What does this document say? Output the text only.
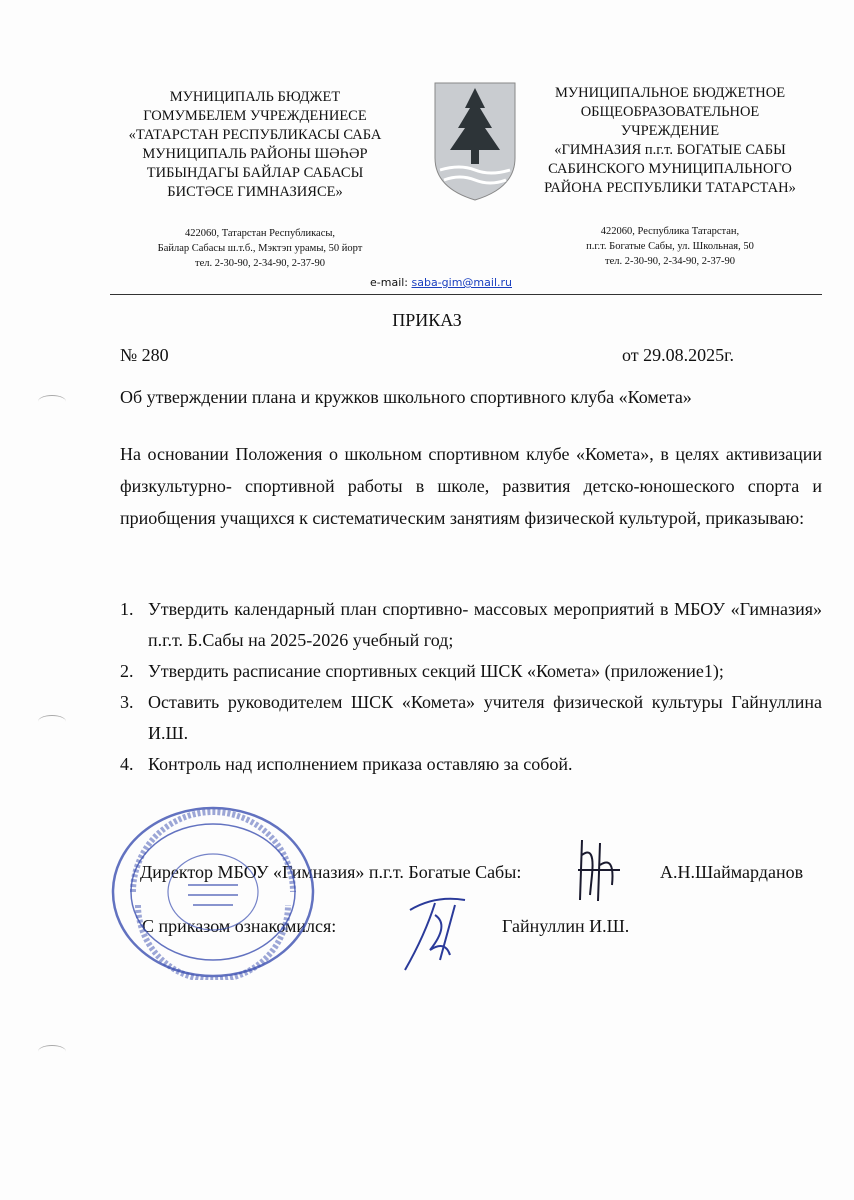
МУНИЦИПАЛЬ БЮДЖЕТ
ГОМУМБЕЛЕМ УЧРЕЖДЕНИЕСЕ
«ТАТАРСТАН РЕСПУБЛИКАСЫ САБА
МУНИЦИПАЛЬ РАЙОНЫ ШӘҺӘР
ТИБЫНДАГЫ БАЙЛАР САБАСЫ
БИСТӘСЕ ГИМНАЗИЯСЕ»
422060, Татарстан Республикасы,
Байлар Сабасы ш.т.б., Мэктэп урамы, 50 йорт
тел. 2-30-90, 2-34-90, 2-37-90
МУНИЦИПАЛЬНОЕ БЮДЖЕТНОЕ
ОБЩЕОБРАЗОВАТЕЛЬНОЕ
УЧРЕЖДЕНИЕ
«ГИМНАЗИЯ п.г.т. БОГАТЫЕ САБЫ
САБИНСКОГО МУНИЦИПАЛЬНОГО
РАЙОНА РЕСПУБЛИКИ ТАТАРСТАН»
422060, Республика Татарстан,
п.г.т. Богатые Сабы, ул. Школьная, 50
тел. 2-30-90, 2-34-90, 2-37-90
e-mail: saba-gim@mail.ru
ПРИКАЗ
№ 280	от 29.08.2025г.
Об утверждении плана и кружков школьного спортивного клуба «Комета»
На основании Положения о школьном спортивном клубе «Комета», в целях активизации физкультурно- спортивной работы в школе, развития детско-юношеского спорта и приобщения учащихся к систематическим занятиям физической культурой, приказываю:
1. Утвердить календарный план спортивно- массовых мероприятий в МБОУ «Гимназия» п.г.т. Б.Сабы на 2025-2026 учебный год;
2. Утвердить расписание спортивных секций ШСК «Комета» (приложение1);
3. Оставить руководителем ШСК «Комета» учителя физической культуры Гайнуллина И.Ш.
4. Контроль над исполнением приказа оставляю за собой.
Директор МБОУ «Гимназия» п.г.т. Богатые Сабы:	А.Н.Шаймарданов
С приказом ознакомился:	Гайнуллин И.Ш.
